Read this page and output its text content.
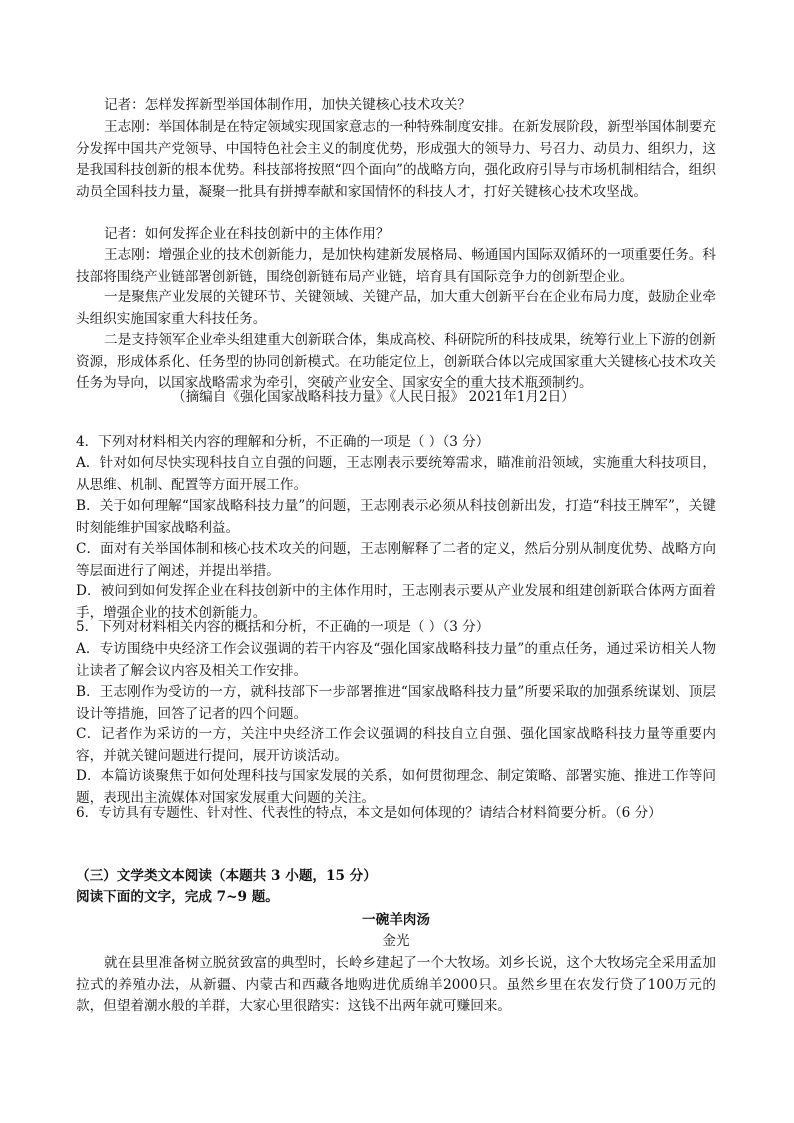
记者：怎样发挥新型举国体制作用，加快关键核心技术攻关？

王志刚：举国体制是在特定领域实现国家意志的一种特殊制度安排。在新发展阶段，新型举国体制要充分发挥中国共产党领导、中国特色社会主义的制度优势，形成强大的领导力、号召力、动员力、组织力，这是我国科技创新的根本优势。科技部将按照“四个面向”的战略方向，强化政府引导与市场机制相结合，组织动员全国科技力量，凝聚一批具有拼搏奉献和家国情怀的科技人才，打好关键核心技术攻坚战。

记者：如何发挥企业在科技创新中的主体作用？

王志刚：增强企业的技术创新能力，是加快构建新发展格局、畅通国内国际双循环的一项重要任务。科技部将围绕产业链部署创新链，围绕创新链布局产业链，培育具有国际竞争力的创新型企业。

一是聚焦产业发展的关键环节、关键领域、关键产品，加大重大创新平台在企业布局力度，鼓励企业牵头组织实施国家重大科技任务。

二是支持领军企业牵头组建重大创新联合体，集成高校、科研院所的科技成果，统筹行业上下游的创新资源，形成体系化、任务型的协同创新模式。在功能定位上，创新联合体以完成国家重大关键核心技术攻关任务为导向，以国家战略需求为牵引，突破产业安全、国家安全的重大技术瓶颈制约。

（摘编自《强化国家战略科技力量》《人民日报》 2021年1月2日）

4．下列对材料相关内容的理解和分析，不正确的一项是（ ）（3 分）

A．针对如何尽快实现科技自立自强的问题，王志刚表示要统筹需求，瞄准前沿领域，实施重大科技项目，从思维、机制、配置等方面开展工作。

B．关于如何理解“国家战略科技力量”的问题，王志刚表示必须从科技创新出发，打造“科技王牌军”，关键时刻能维护国家战略利益。

C．面对有关举国体制和核心技术攻关的问题，王志刚解释了二者的定义，然后分别从制度优势、战略方向等层面进行了阐述，并提出举措。

D．被问到如何发挥企业在科技创新中的主体作用时，王志刚表示要从产业发展和组建创新联合体两方面着手，增强企业的技术创新能力。

5．下列对材料相关内容的概括和分析，不正确的一项是（ ）（3 分）

A．专访围绕中央经济工作会议强调的若干内容及“强化国家战略科技力量”的重点任务，通过采访相关人物让读者了解会议内容及相关工作安排。

B．王志刚作为受访的一方，就科技部下一步部署推进“国家战略科技力量”所要采取的加强系统谋划、顶层设计等措施，回答了记者的四个问题。

C．记者作为采访的一方，关注中央经济工作会议强调的科技自立自强、强化国家战略科技力量等重要内容，并就关键问题进行提问，展开访谈活动。

D．本篇访谈聚焦于如何处理科技与国家发展的关系，如何贯彻理念、制定策略、部署实施、推进工作等问题，表现出主流媒体对国家发展重大问题的关注。

6．专访具有专题性、针对性、代表性的特点，本文是如何体现的？请结合材料简要分析。（6 分）

（三）文学类文本阅读（本题共 3 小题，15 分）

阅读下面的文字，完成 7~9 题。

一碗羊肉汤

金光

就在县里准备树立脱贫致富的典型时，长岭乡建起了一个大牧场。刘乡长说，这个大牧场完全采用孟加拉式的养殖办法，从新疆、内蒙古和西藏各地购进优质绵羊2000只。虽然乡里在农发行贷了100万元的款，但望着潮水般的羊群，大家心里很踏实：这钱不出两年就可赚回来。
